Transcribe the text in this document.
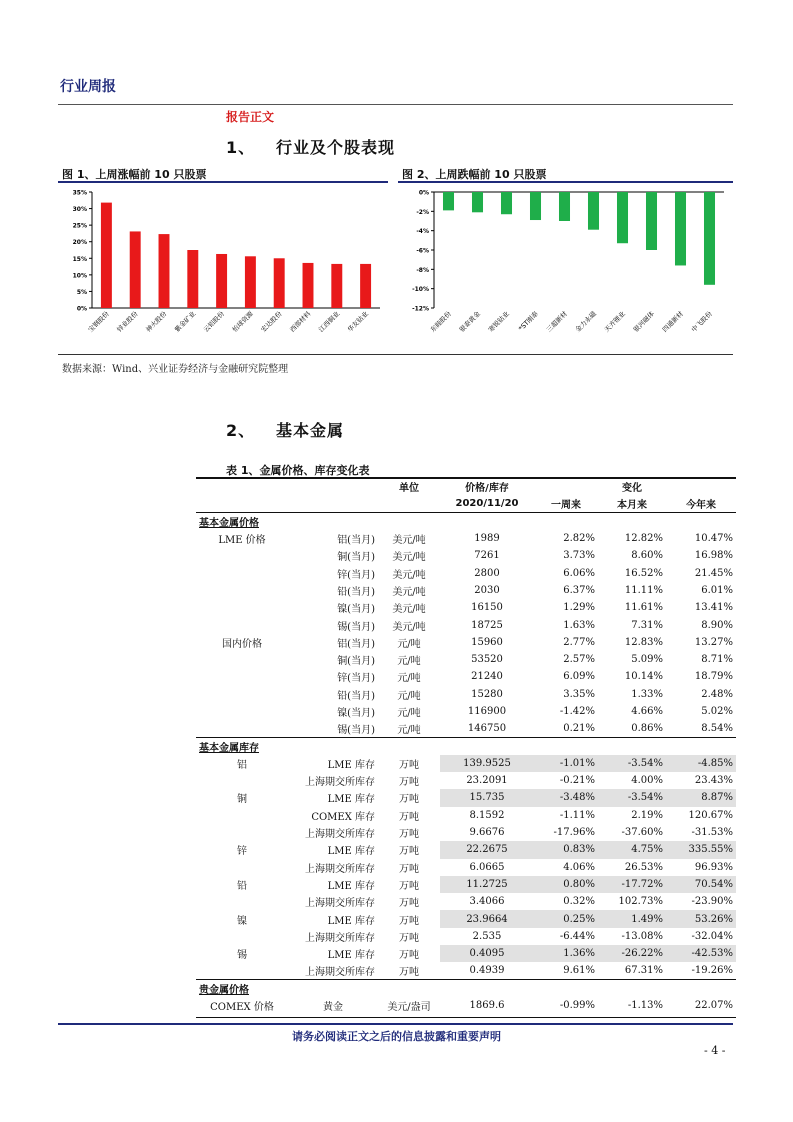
行业周报
报告正文
1、 行业及个股表现
图 1、上周涨幅前 10 只股票	图 2、上周跌幅前 10 只股票
0%
5%
10%
15%
20%
25%
30%
35%
宝钢股份 锌业股份 神火股份 紫金矿业 云铝股份 怡球资源 宏达股份 西部材料 江西铜业 华友钴业
0%
-2%
-4%
-6%
-8%
-10%
-12%
东睦股份 银泰黄金 寒锐钴业 *ST刚泰 三超新材 金力永磁 天齐锂业 银河磁体 四通新材 中飞股份
数据来源：Wind、兴业证券经济与金融研究院整理
2、 基本金属
表 1、金属价格、库存变化表
		单位	价格/库存		变化	
			2020/11/20	一周来	本月来	今年来
基本金属价格						
LME 价格	铝(当月)	美元/吨	1989	2.82%	12.82%	10.47%
	铜(当月)	美元/吨	7261	3.73%	8.60%	16.98%
	锌(当月)	美元/吨	2800	6.06%	16.52%	21.45%
	铅(当月)	美元/吨	2030	6.37%	11.11%	6.01%
	镍(当月)	美元/吨	16150	1.29%	11.61%	13.41%
	锡(当月)	美元/吨	18725	1.63%	7.31%	8.90%
国内价格	铝(当月)	元/吨	15960	2.77%	12.83%	13.27%
	铜(当月)	元/吨	53520	2.57%	5.09%	8.71%
	锌(当月)	元/吨	21240	6.09%	10.14%	18.79%
	铅(当月)	元/吨	15280	3.35%	1.33%	2.48%
	镍(当月)	元/吨	116900	-1.42%	4.66%	5.02%
	锡(当月)	元/吨	146750	0.21%	0.86%	8.54%
基本金属库存						
铝	LME 库存	万吨	139.9525	-1.01%	-3.54%	-4.85%
	上海期交所库存	万吨	23.2091	-0.21%	4.00%	23.43%
铜	LME 库存	万吨	15.735	-3.48%	-3.54%	8.87%
	COMEX 库存	万吨	8.1592	-1.11%	2.19%	120.67%
	上海期交所库存	万吨	9.6676	-17.96%	-37.60%	-31.53%
锌	LME 库存	万吨	22.2675	0.83%	4.75%	335.55%
	上海期交所库存	万吨	6.0665	4.06%	26.53%	96.93%
铅	LME 库存	万吨	11.2725	0.80%	-17.72%	70.54%
	上海期交所库存	万吨	3.4066	0.32%	102.73%	-23.90%
镍	LME 库存	万吨	23.9664	0.25%	1.49%	53.26%
	上海期交所库存	万吨	2.535	-6.44%	-13.08%	-32.04%
锡	LME 库存	万吨	0.4095	1.36%	-26.22%	-42.53%
	上海期交所库存	万吨	0.4939	9.61%	67.31%	-19.26%
贵金属价格						
COMEX 价格	黄金	美元/盎司	1869.6	-0.99%	-1.13%	22.07%
请务必阅读正文之后的信息披露和重要声明
- 4 -
